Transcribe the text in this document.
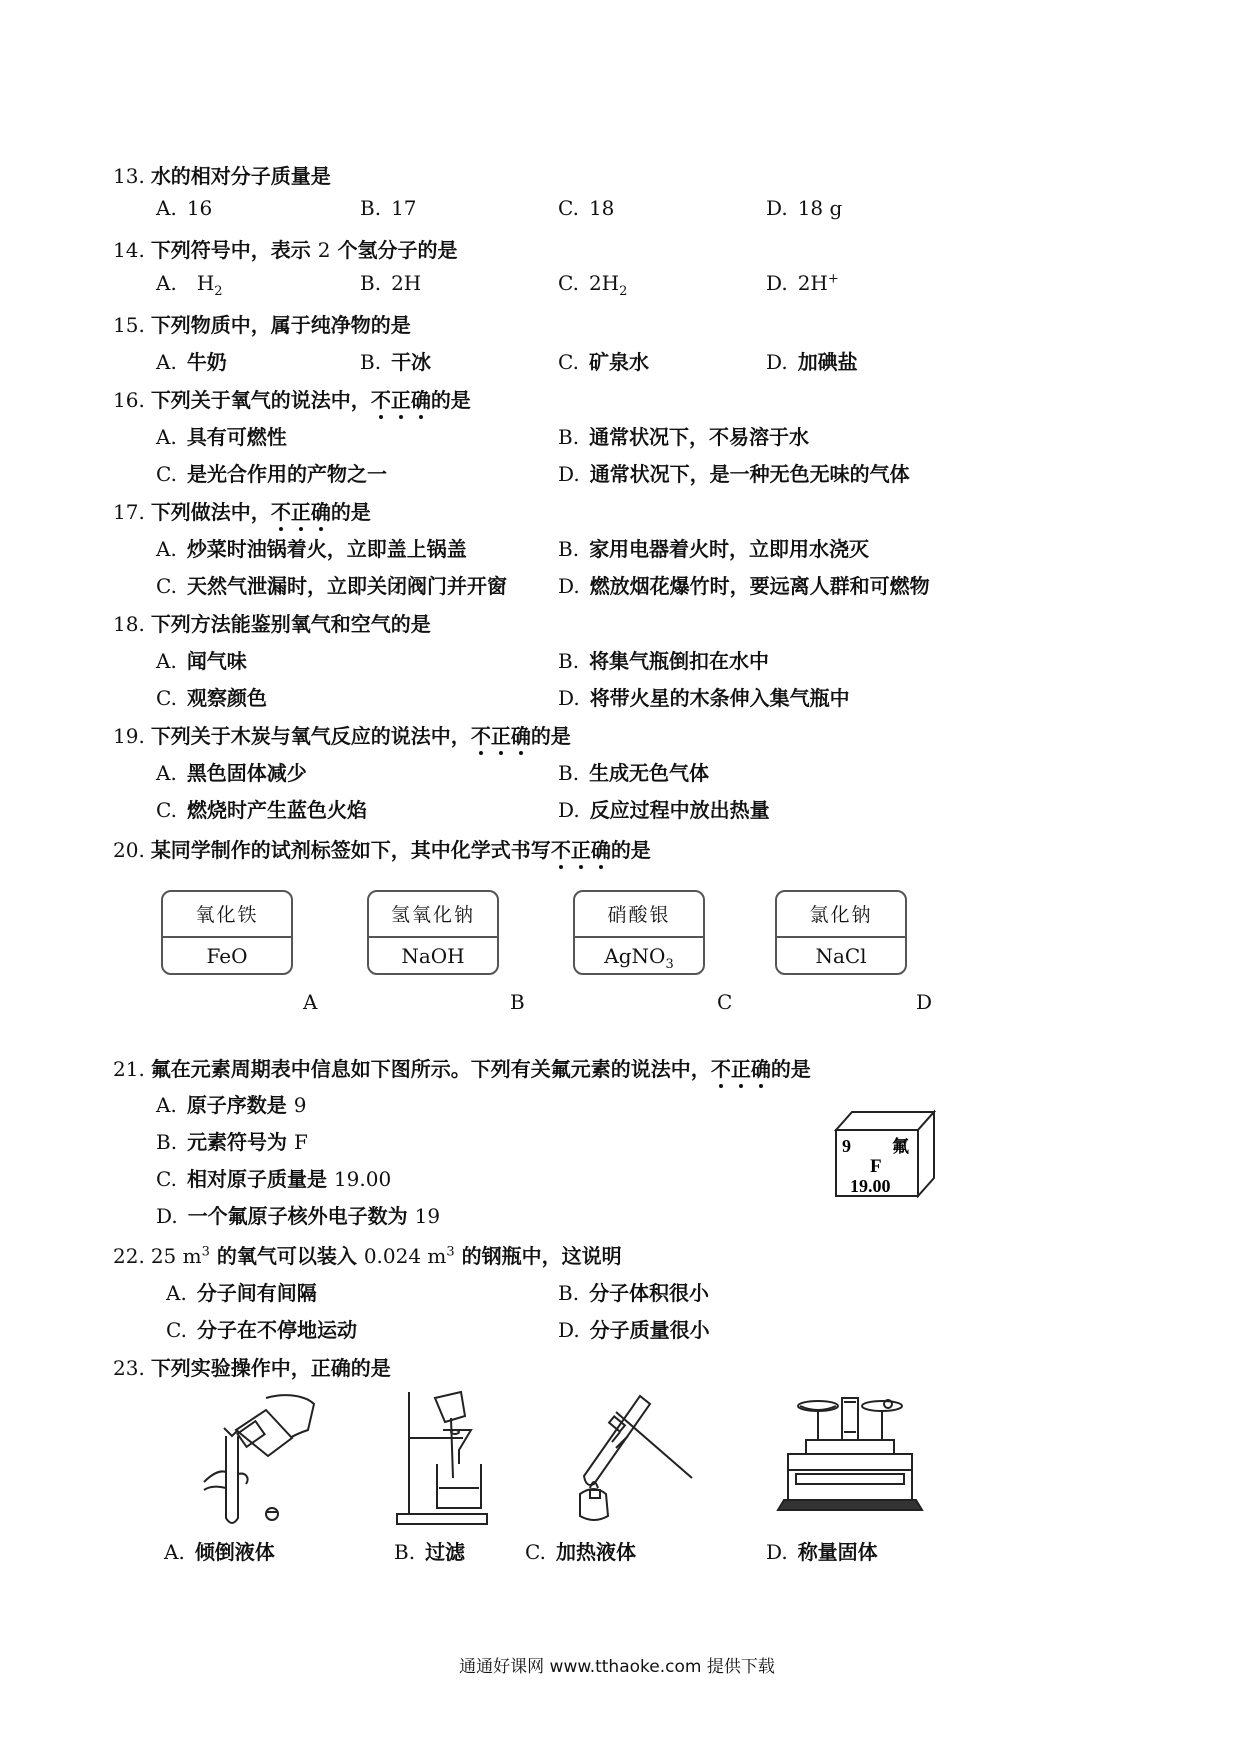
13. 水的相对分子质量是
A. 16	B. 17	C. 18	D. 18 g
14. 下列符号中，表示 2 个氢分子的是
A. $H_2$	B. 2H	C. $2H_2$	D. 2H+
15. 下列物质中，属于纯净物的是
A. 牛奶	B. 干冰	C. 矿泉水	D. 加碘盐
16. 下列关于氧气的说法中，不正确的是
A. 具有可燃性	B. 通常状况下，不易溶于水
C. 是光合作用的产物之一	D. 通常状况下，是一种无色无味的气体
17. 下列做法中，不正确的是
A. 炒菜时油锅着火，立即盖上锅盖	B. 家用电器着火时，立即用水浇灭
C. 天然气泄漏时，立即关闭阀门并开窗	D. 燃放烟花爆竹时，要远离人群和可燃物
18. 下列方法能鉴别氧气和空气的是
A. 闻气味	B. 将集气瓶倒扣在水中
C. 观察颜色	D. 将带火星的木条伸入集气瓶中
19. 下列关于木炭与氧气反应的说法中，不正确的是
A. 黑色固体减少	B. 生成无色气体
C. 燃烧时产生蓝色火焰	D. 反应过程中放出热量
20. 某同学制作的试剂标签如下，其中化学式书写不正确的是
氧化铁
FeO
氢氧化钠
NaOH
硝酸银
AgNO$_3$
氯化钠
NaCl
A	B	C	D
21. 氟在元素周期表中信息如下图所示。下列有关氟元素的说法中，不正确的是
A. 原子序数是 9
B. 元素符号为 F
C. 相对原子质量是 19.00
D. 一个氟原子核外电子数为 19
9 氟
F
19.00
22. 25 $m^3$ 的氧气可以装入 0.024 $m^3$ 的钢瓶中，这说明
A. 分子间有间隔	B. 分子体积很小
C. 分子在不停地运动	D. 分子质量很小
23. 下列实验操作中，正确的是
A. 倾倒液体	B. 过滤	C. 加热液体	D. 称量固体
通通好课网 www.tthaoke.com 提供下载
